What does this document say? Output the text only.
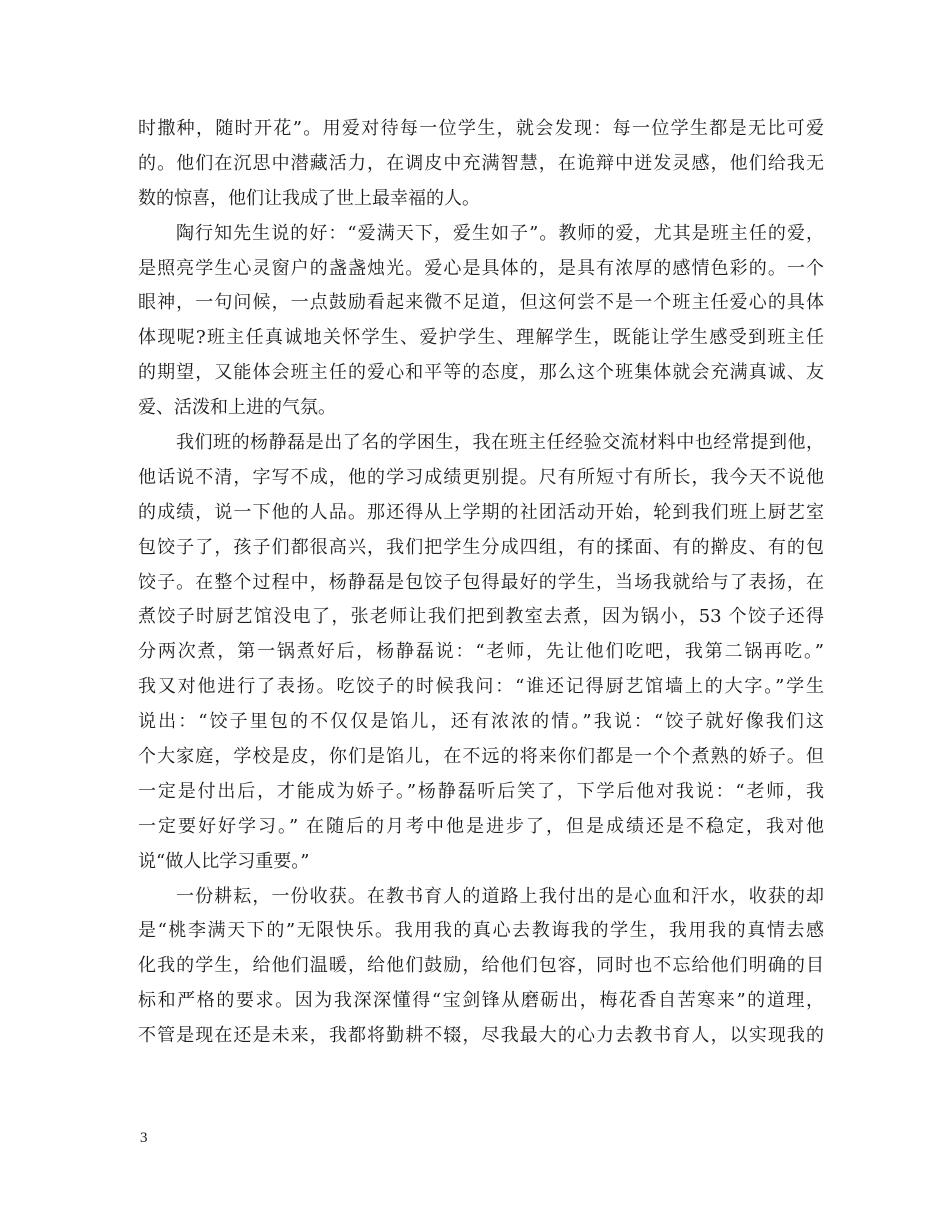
时撒种，随时开花”。用爱对待每一位学生，就会发现：每一位学生都是无比可爱
的。他们在沉思中潜藏活力，在调皮中充满智慧，在诡辩中迸发灵感，他们给我无
数的惊喜，他们让我成了世上最幸福的人。
陶行知先生说的好：“爱满天下，爱生如子”。教师的爱，尤其是班主任的爱，
是照亮学生心灵窗户的盏盏烛光。爱心是具体的，是具有浓厚的感情色彩的。一个
眼神，一句问候，一点鼓励看起来微不足道，但这何尝不是一个班主任爱心的具体
体现呢?班主任真诚地关怀学生、爱护学生、理解学生，既能让学生感受到班主任
的期望，又能体会班主任的爱心和平等的态度，那么这个班集体就会充满真诚、友
爱、活泼和上进的气氛。
我们班的杨静磊是出了名的学困生，我在班主任经验交流材料中也经常提到他，
他话说不清，字写不成，他的学习成绩更别提。尺有所短寸有所长，我今天不说他
的成绩，说一下他的人品。那还得从上学期的社团活动开始，轮到我们班上厨艺室
包饺子了，孩子们都很高兴，我们把学生分成四组，有的揉面、有的擀皮、有的包
饺子。在整个过程中，杨静磊是包饺子包得最好的学生，当场我就给与了表扬，在
煮饺子时厨艺馆没电了，张老师让我们把到教室去煮，因为锅小，53 个饺子还得
分两次煮，第一锅煮好后，杨静磊说：“老师，先让他们吃吧，我第二锅再吃。”
我又对他进行了表扬。吃饺子的时候我问：“谁还记得厨艺馆墙上的大字。”学生
说出：“饺子里包的不仅仅是馅儿，还有浓浓的情。”我说：“饺子就好像我们这
个大家庭，学校是皮，你们是馅儿，在不远的将来你们都是一个个煮熟的娇子。但
一定是付出后，才能成为娇子。”杨静磊听后笑了，下学后他对我说：“老师，我
一定要好好学习。” 在随后的月考中他是进步了，但是成绩还是不稳定，我对他
说“做人比学习重要。”
一份耕耘，一份收获。在教书育人的道路上我付出的是心血和汗水，收获的却
是“桃李满天下的”无限快乐。我用我的真心去教诲我的学生，我用我的真情去感
化我的学生，给他们温暖，给他们鼓励，给他们包容，同时也不忘给他们明确的目
标和严格的要求。因为我深深懂得“宝剑锋从磨砺出，梅花香自苦寒来”的道理，
不管是现在还是未来，我都将勤耕不辍，尽我最大的心力去教书育人，以实现我的
3
